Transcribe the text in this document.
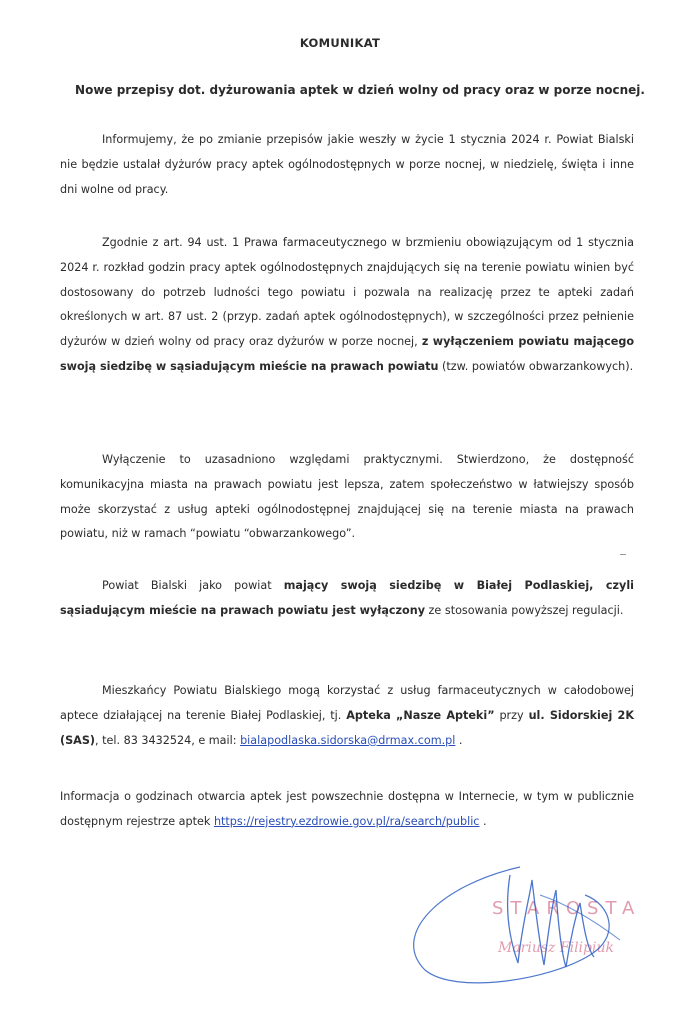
KOMUNIKAT
Nowe przepisy dot. dyżurowania aptek w dzień wolny od pracy oraz w porze nocnej.

Informujemy, że po zmianie przepisów jakie weszły w życie 1 stycznia 2024 r. Powiat Bialski nie będzie ustalał dyżurów pracy aptek ogólnodostępnych w porze nocnej, w niedzielę, święta i inne dni wolne od pracy.

Zgodnie z art. 94 ust. 1 Prawa farmaceutycznego w brzmieniu obowiązującym od 1 stycznia 2024 r. rozkład godzin pracy aptek ogólnodostępnych znajdujących się na terenie powiatu winien być dostosowany do potrzeb ludności tego powiatu i pozwala na realizację przez te apteki zadań określonych w art. 87 ust. 2 (przyp. zadań aptek ogólnodostępnych), w szczególności przez pełnienie dyżurów w dzień wolny od pracy oraz dyżurów w porze nocnej, z wyłączeniem powiatu mającego swoją siedzibę w sąsiadującym mieście na prawach powiatu (tzw. powiatów obwarzankowych).

Wyłączenie to uzasadniono względami praktycznymi. Stwierdzono, że dostępność komunikacyjna miasta na prawach powiatu jest lepsza, zatem społeczeństwo w łatwiejszy sposób może skorzystać z usług apteki ogólnodostępnej znajdującej się na terenie miasta na prawach powiatu, niż w ramach “powiatu “obwarzankowego”.

Powiat Bialski jako powiat mający swoją siedzibę w Białej Podlaskiej, czyli sąsiadującym mieście na prawach powiatu jest wyłączony ze stosowania powyższej regulacji.

Mieszkańcy Powiatu Bialskiego mogą korzystać z usług farmaceutycznych w całodobowej aptece działającej na terenie Białej Podlaskiej, tj. Apteka „Nasze Apteki” przy ul. Sidorskiej 2K (SAS), tel. 83 3432524, e mail: bialapodlaska.sidorska@drmax.com.pl .

Informacja o godzinach otwarcia aptek jest powszechnie dostępna w Internecie, w tym w publicznie dostępnym rejestrze aptek https://rejestry.ezdrowie.gov.pl/ra/search/public .

STAROSTA
Mariusz Filipiuk
